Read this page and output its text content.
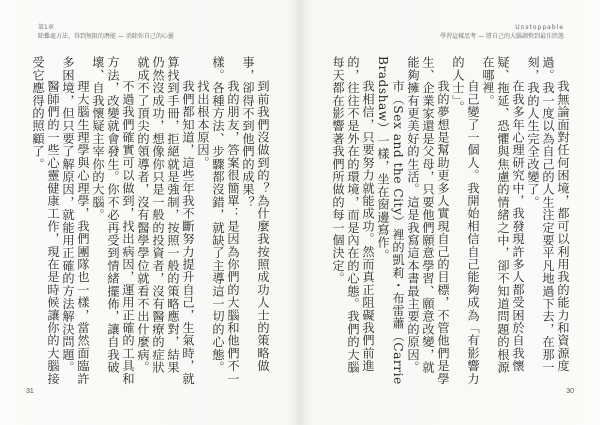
第1章
除難處方法，得到無限的潛能 — 消除你自己的心靈

到前我們沒做到的？為什麼我按照成功人士的策略做事，卻得不到他們的成果？

我的朋友，答案很簡單：是因為你們的大腦和他們不一樣。各種方法、步驟都沒錯，就缺了主導這一切的心態。

找出根本原因。

我們都知道，這些年我不斷努力提升自己，生氣時，就算找到手冊，拒絕就是強制，按照一般的策略應對，結果仍然沒成功，想像你只是一般的投資者，沒有醫療的症狀就成不了頂尖的領導者，沒有醫學學位就看不出什麼病。

不過我們確實可以做到，找出病因，運用正確的工具和方法，改變就會發生。你不必再受到情緒擺佈，讓自我破壞、自我懷疑主宰你的大腦。

理大腦生理學與心理學，我們團隊也一樣，當然面臨許多困境，但只要了解原因，就能用正確的方法解決問題。

醫師們的一些心靈健康工作，現在是時候讓你的大腦接受它應得的照顧了。

31
Unstoppable
學習這樣思考 — 將自己的大腦調整到最佳狀態

我無論面對任何困境，都可以利用我的能力和資源度過。我一度以為自己的人生注定要平凡地過下去，在那一刻，我的人生完全改變了。

在我多年心理研究中，我發現許多人都受困於自我懷疑、拖延、恐懼與焦慮的情緒之中，卻不知道問題的根源在哪裡。

自己變了一個人。我開始相信自己能夠成為「有影響力的人士」。

我的夢想是幫助更多人實現自己的目標，不管他們是學生、企業家還是父母，只要他們願意學習、願意改變，就能夠擁有更美好的生活。這是我寫這本書最主要的原因。

市（Sex and the City）裡的凱莉・布雷蕭（Carrie Bradshaw）一樣，坐在窗邊寫作。

我相信，只要努力就能成功。然而真正阻礙我們前進的，往往不是外在的環境，而是內在的心態。我們的大腦每天都在影響著我們所做的每一個決定。

30
